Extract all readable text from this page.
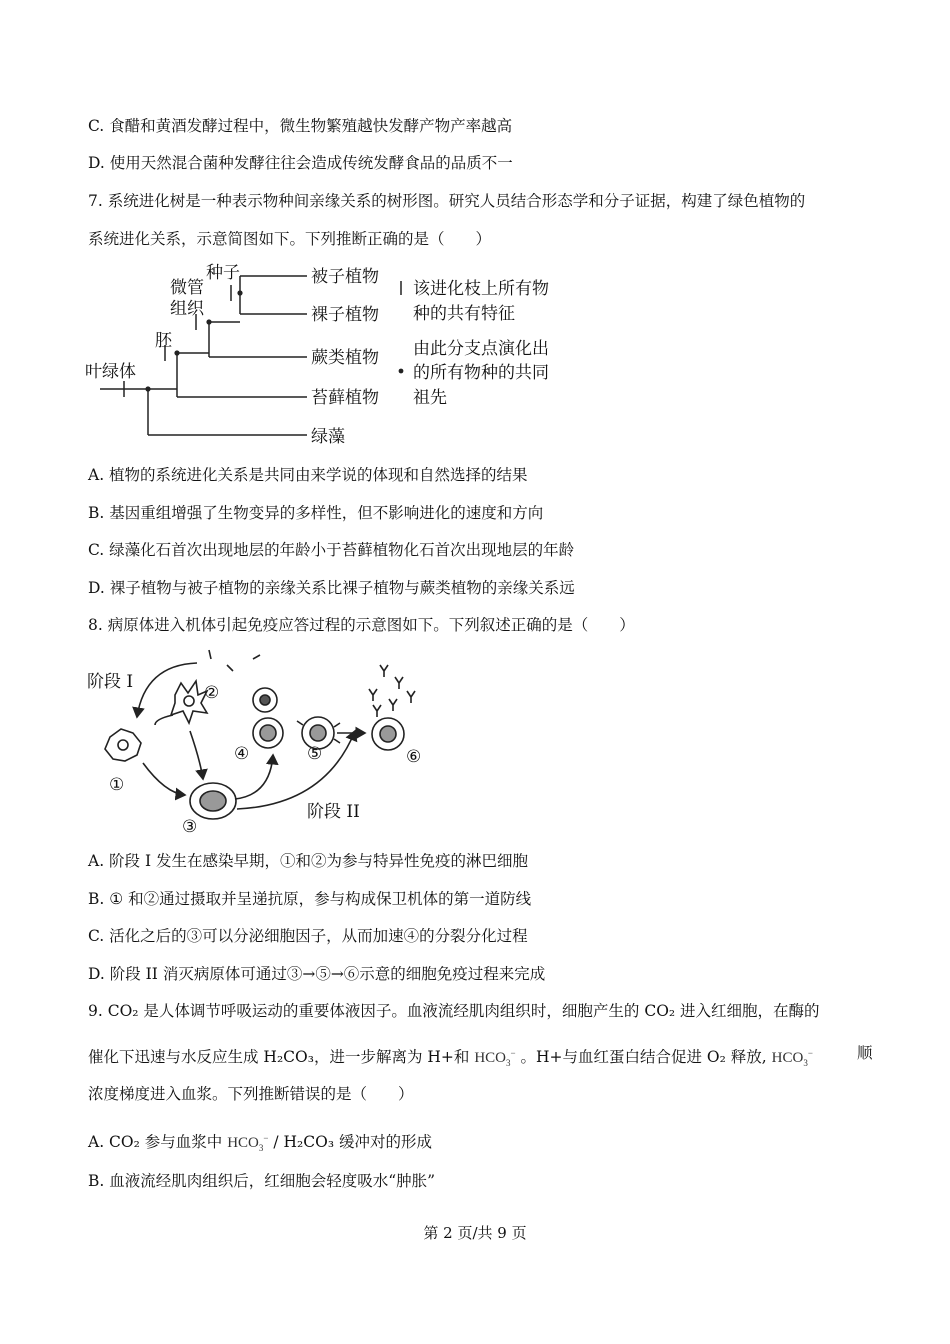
C. 食醋和黄酒发酵过程中，微生物繁殖越快发酵产物产率越高
D. 使用天然混合菌种发酵往往会造成传统发酵食品的品质不一
7. 系统进化树是一种表示物种间亲缘关系的树形图。研究人员结合形态学和分子证据，构建了绿色植物的
系统进化关系，示意简图如下。下列推断正确的是（　　）
叶绿体
胚
微管
组织
种子	被子植物
裸子植物
蕨类植物
苔藓植物
绿藻
该进化枝上所有物
种的共有特征
由此分支点演化出
的所有物种的共同
祖先
A. 植物的系统进化关系是共同由来学说的体现和自然选择的结果
B. 基因重组增强了生物变异的多样性，但不影响进化的速度和方向
C. 绿藻化石首次出现地层的年龄小于苔藓植物化石首次出现地层的年龄
D. 裸子植物与被子植物的亲缘关系比裸子植物与蕨类植物的亲缘关系远
8. 病原体进入机体引起免疫应答过程的示意图如下。下列叙述正确的是（　　）
阶段 I
阶段 II
①
②
③
④	⑤	⑥
A. 阶段 I 发生在感染早期，①和②为参与特异性免疫的淋巴细胞
B. ① 和②通过摄取并呈递抗原，参与构成保卫机体的第一道防线
C. 活化之后的③可以分泌细胞因子，从而加速④的分裂分化过程
D. 阶段 II 消灭病原体可通过③→⑤→⑥示意的细胞免疫过程来完成
9. CO₂ 是人体调节呼吸运动的重要体液因子。血液流经肌肉组织时，细胞产生的 CO₂ 进入红细胞，在酶的
催化下迅速与水反应生成 H₂CO₃，进一步解离为 H+和 $HCO_3^-$ 。H+与血红蛋白结合促进 O₂ 释放, $HCO_3^-$	顺
浓度梯度进入血浆。下列推断错误的是（　　）
A. CO₂ 参与血浆中 $HCO_3^- / H_2CO_3$ 缓冲对的形成
B. 血液流经肌肉组织后，红细胞会轻度吸水“肿胀”
第 2 页/共 9 页
